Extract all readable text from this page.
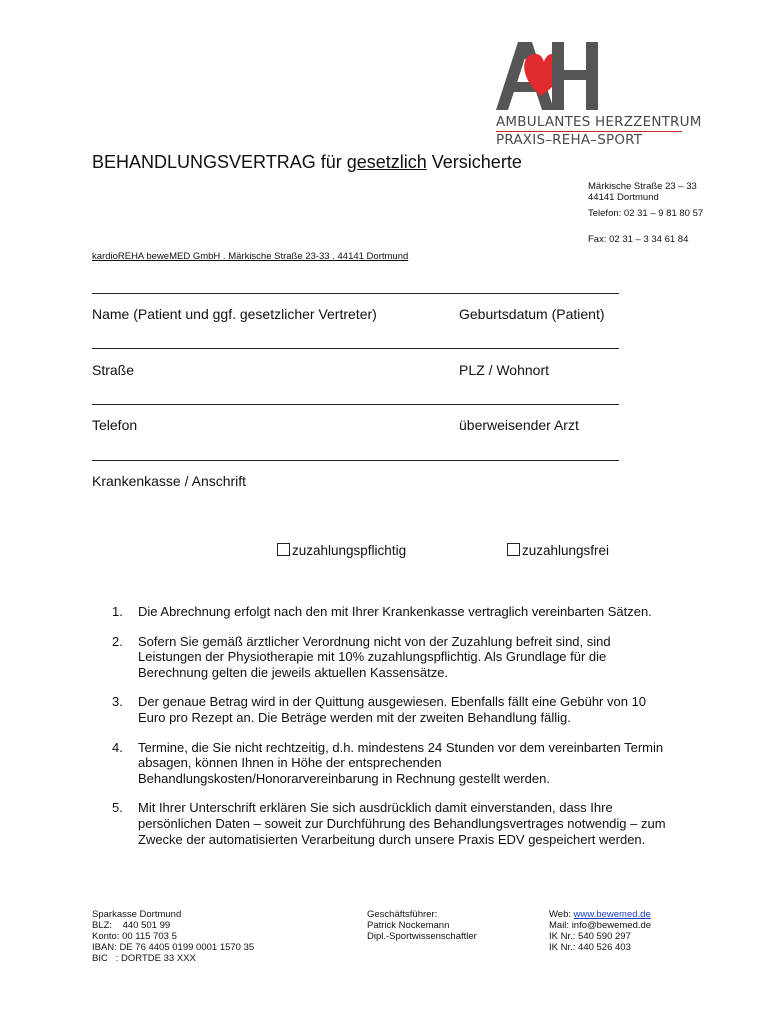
AMBULANTES HERZZENTRUM
PRAXIS–REHA–SPORT
BEHANDLUNGSVERTRAG für gesetzlich Versicherte
Märkische Straße 23 – 33
44141 Dortmund
Telefon: 02 31 – 9 81 80 57
Fax: 02 31 – 3 34 61 84
kardioREHA beweMED GmbH . Märkische Straße 23-33 . 44141 Dortmund
Name (Patient und ggf. gesetzlicher Vertreter)	Geburtsdatum (Patient)
Straße	PLZ / Wohnort
Telefon	überweisender Arzt
Krankenkasse / Anschrift
zuzahlungspflichtig	zuzahlungsfrei
1. Die Abrechnung erfolgt nach den mit Ihrer Krankenkasse vertraglich vereinbarten Sätzen.
2. Sofern Sie gemäß ärztlicher Verordnung nicht von der Zuzahlung befreit sind, sind Leistungen der Physiotherapie mit 10% zuzahlungspflichtig. Als Grundlage für die Berechnung gelten die jeweils aktuellen Kassensätze.
3. Der genaue Betrag wird in der Quittung ausgewiesen. Ebenfalls fällt eine Gebühr von 10 Euro pro Rezept an. Die Beträge werden mit der zweiten Behandlung fällig.
4. Termine, die Sie nicht rechtzeitig, d.h. mindestens 24 Stunden vor dem vereinbarten Termin absagen, können Ihnen in Höhe der entsprechenden Behandlungskosten/Honorarvereinbarung in Rechnung gestellt werden.
5. Mit Ihrer Unterschrift erklären Sie sich ausdrücklich damit einverstanden, dass Ihre persönlichen Daten – soweit zur Durchführung des Behandlungsvertrages notwendig – zum Zwecke der automatisierten Verarbeitung durch unsere Praxis EDV gespeichert werden.
Sparkasse Dortmund
BLZ:    440 501 99
Konto: 00 115 703 5
IBAN: DE 76 4405 0199 0001 1570 35
BIC   : DORTDE 33 XXX
Geschäftsführer:
Patrick Nockemann
Dipl.-Sportwissenschaftler
Web: www.bewemed.de
Mail: info@bewemed.de
IK Nr.: 540 590 297
IK Nr.: 440 526 403
